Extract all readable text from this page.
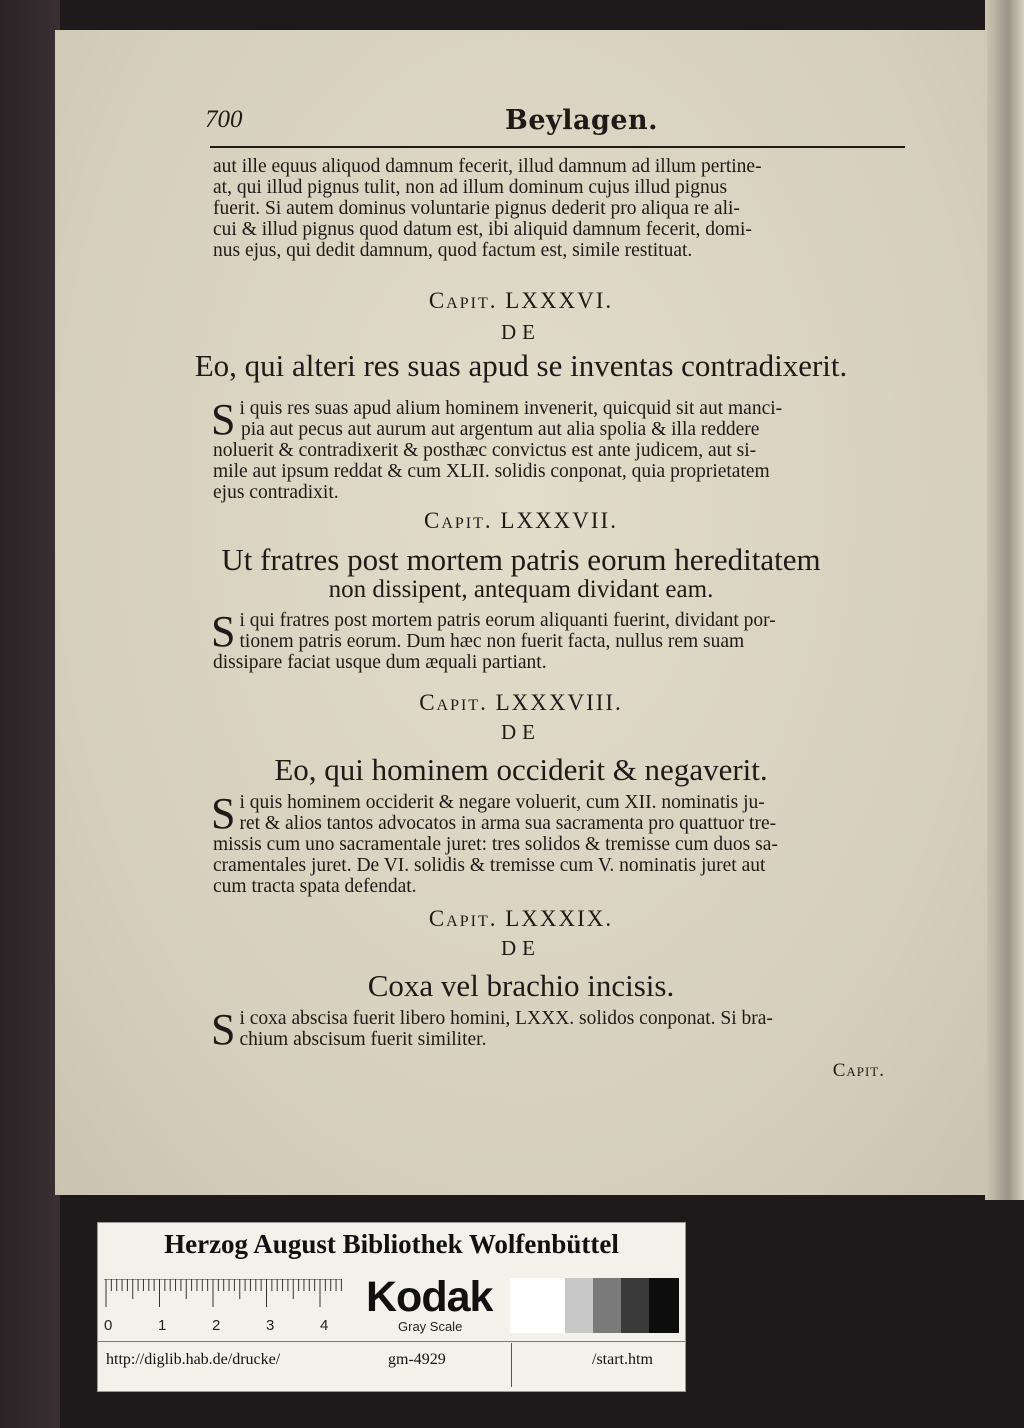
700	Beylagen.
aut ille equus aliquod damnum fecerit, illud damnum ad illum pertine-
at, qui illud pignus tulit, non ad illum dominum cujus illud pignus
fuerit. Si autem dominus voluntarie pignus dederit pro aliqua re ali-
cui & illud pignus quod datum est, ibi aliquid damnum fecerit, domi-
nus ejus, qui dedit damnum, quod factum est, simile restituat.
Capit. LXXXVI.
DE
Eo, qui alteri res suas apud se inventas contradixerit.
S i quis res suas apud alium hominem invenerit, quicquid sit aut manci-
pia aut pecus aut aurum aut argentum aut alia spolia & illa reddere
noluerit & contradixerit & posthæc convictus est ante judicem, aut si-
mile aut ipsum reddat & cum XLII. solidis conponat, quia proprietatem
ejus contradixit.
Capit. LXXXVII.
Ut fratres post mortem patris eorum hereditatem
non dissipent, antequam dividant eam.
S i qui fratres post mortem patris eorum aliquanti fuerint, dividant por-
tionem patris eorum. Dum hæc non fuerit facta, nullus rem suam
dissipare faciat usque dum æquali partiant.
Capit. LXXXVIII.
DE
Eo, qui hominem occiderit & negaverit.
S i quis hominem occiderit & negare voluerit, cum XII. nominatis ju-
ret & alios tantos advocatos in arma sua sacramenta pro quattuor tre-
missis cum uno sacramentale juret: tres solidos & tremisse cum duos sa-
cramentales juret. De VI. solidis & tremisse cum V. nominatis juret aut
cum tracta spata defendat.
Capit. LXXXIX.
DE
Coxa vel brachio incisis.
S i coxa abscisa fuerit libero homini, LXXX. solidos conponat. Si bra-
chium abscisum fuerit similiter.
Capit.
Herzog August Bibliothek Wolfenbüttel
0	1	2	3	4
Kodak
Gray Scale
http://diglib.hab.de/drucke/	gm-4929	/start.htm
